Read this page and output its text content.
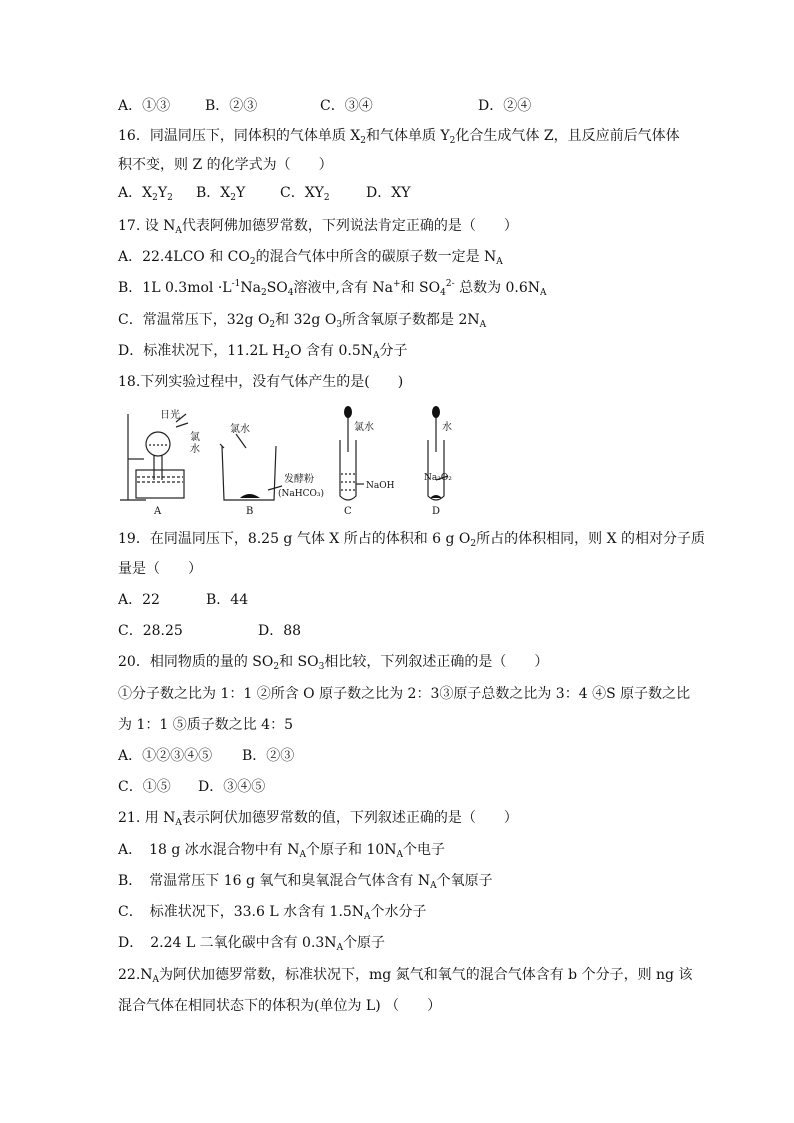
A．①③ B．②③	C．③④	D．②④
16．同温同压下，同体积的气体单质 $X_2$和气体单质 $Y_2$化合生成气体 Z，且反应前后气体体
积不变，则 Z 的化学式为（　　）
A．$X_2Y_2$ B．$X_2Y$ C．$XY_2$	D．XY
17. 设 $N_A$代表阿佛加德罗常数，下列说法肯定正确的是（　　）
A．22.4LCO 和 $CO_2$的混合气体中所含的碳原子数一定是 $N_A$
B．1L $0.3mol \cdot L^{-1}Na_2SO_4$溶液中,含有 Na+和 $SO_4^{2-}$ 总数为 $0.6N_A$
C．常温常压下，32g $O_2$和 32g $O_3$所含氧原子数都是 $2N_A$
D．标准状况下，11.2L $H_2O$ 含有 $0.5N_A$分子
18.下列实验过程中，没有气体产生的是(　　)
日光
氯
水
A
氯水
发酵粉
(NaHCO₃)
B
氯水
NaOH
C
水
Na₂O₂
D
19．在同温同压下，8.25 g 气体 X 所占的体积和 6 g $O_2$所占的体积相同，则 X 的相对分子质
量是（　　）
A．22	B．44
C．28.25	D．88
20．相同物质的量的 $SO_2$和 $SO_3$相比较，下列叙述正确的是（　　）
①分子数之比为 1：1 ②所含 O 原子数之比为 2：3③原子总数之比为 3：4 ④S 原子数之比
为 1：1 ⑤质子数之比 4：5
A．①②③④⑤ B．②③
C．①⑤ D．③④⑤
21. 用 $N_A$表示阿伏加德罗常数的值，下列叙述正确的是（　　）
A．　18 g 冰水混合物中有 $N_A$个原子和 $10N_A$个电子
B．　常温常压下 16 g 氧气和臭氧混合气体含有 $N_A$个氧原子
C．　标准状况下，33.6 L 水含有 $1.5N_A$个水分子
D．　2.24 L 二氧化碳中含有 $0.3N_A$个原子
$22.N_A$为阿伏加德罗常数，标准状况下，mg 氮气和氧气的混合气体含有 b 个分子，则 ng 该
混合气体在相同状态下的体积为(单位为 L) （　　）
